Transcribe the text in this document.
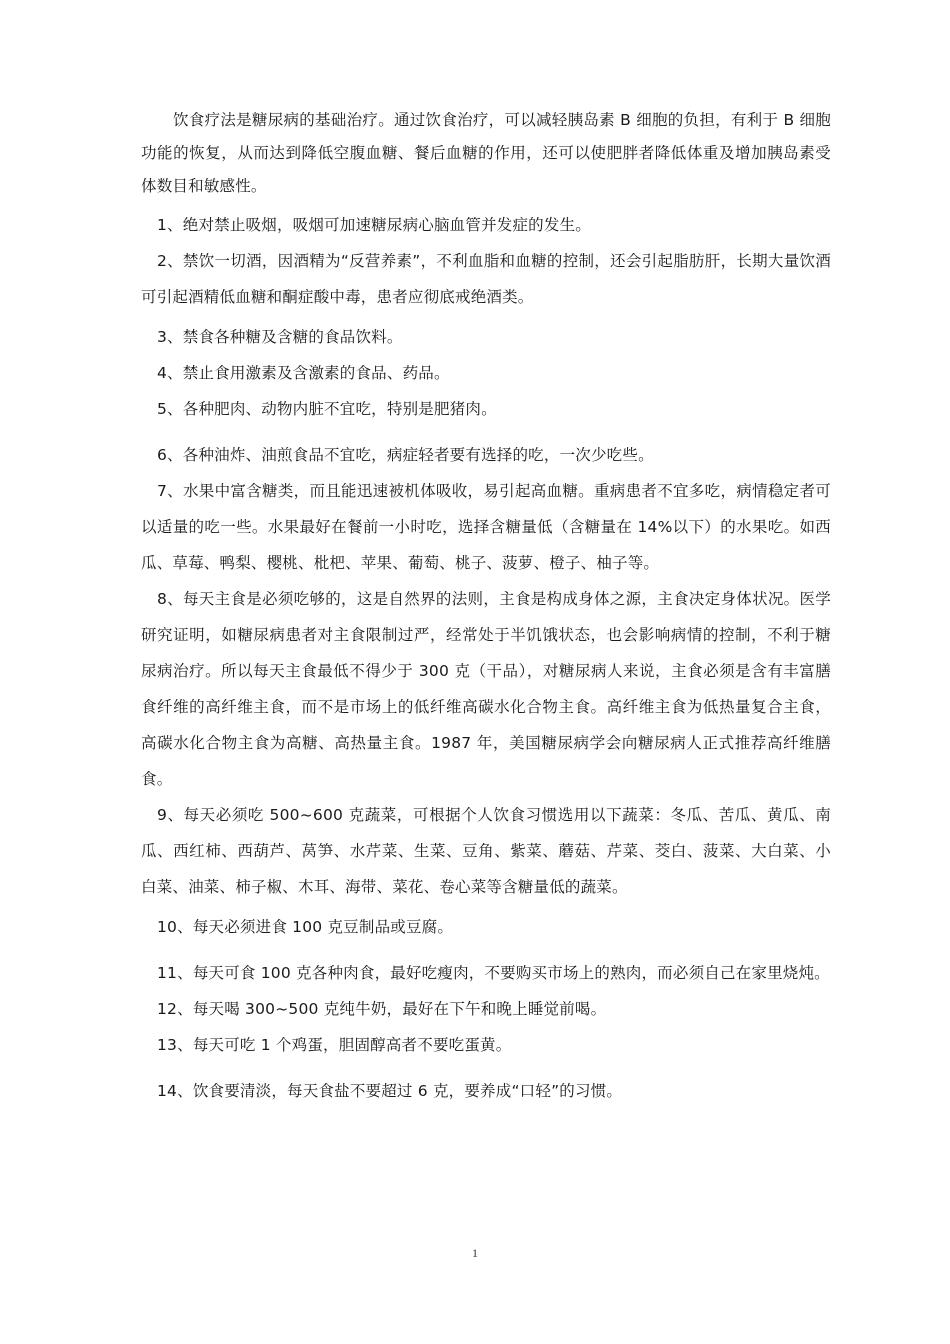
饮食疗法是糖尿病的基础治疗。通过饮食治疗，可以减轻胰岛素 B 细胞的负担，有利于 B 细胞功能的恢复，从而达到降低空腹血糖、餐后血糖的作用，还可以使肥胖者降低体重及增加胰岛素受体数目和敏感性。

1、绝对禁止吸烟，吸烟可加速糖尿病心脑血管并发症的发生。

2、禁饮一切酒，因酒精为“反营养素”，不利血脂和血糖的控制，还会引起脂肪肝，长期大量饮酒可引起酒精低血糖和酮症酸中毒，患者应彻底戒绝酒类。

3、禁食各种糖及含糖的食品饮料。

4、禁止食用激素及含激素的食品、药品。

5、各种肥肉、动物内脏不宜吃，特别是肥猪肉。

6、各种油炸、油煎食品不宜吃，病症轻者要有选择的吃，一次少吃些。

7、水果中富含糖类，而且能迅速被机体吸收，易引起高血糖。重病患者不宜多吃，病情稳定者可以适量的吃一些。水果最好在餐前一小时吃，选择含糖量低（含糖量在 14%以下）的水果吃。如西瓜、草莓、鸭梨、樱桃、枇杷、苹果、葡萄、桃子、菠萝、橙子、柚子等。

8、每天主食是必须吃够的，这是自然界的法则，主食是构成身体之源，主食决定身体状况。医学研究证明，如糖尿病患者对主食限制过严，经常处于半饥饿状态，也会影响病情的控制，不利于糖尿病治疗。所以每天主食最低不得少于 300 克（干品），对糖尿病人来说，主食必须是含有丰富膳食纤维的高纤维主食，而不是市场上的低纤维高碳水化合物主食。高纤维主食为低热量复合主食，高碳水化合物主食为高糖、高热量主食。1987 年，美国糖尿病学会向糖尿病人正式推荐高纤维膳食。

9、每天必须吃 500~600 克蔬菜，可根据个人饮食习惯选用以下蔬菜：冬瓜、苦瓜、黄瓜、南瓜、西红柿、西葫芦、莴笋、水芹菜、生菜、豆角、紫菜、蘑菇、芹菜、茭白、菠菜、大白菜、小白菜、油菜、柿子椒、木耳、海带、菜花、卷心菜等含糖量低的蔬菜。

10、每天必须进食 100 克豆制品或豆腐。

11、每天可食 100 克各种肉食，最好吃瘦肉，不要购买市场上的熟肉，而必须自己在家里烧炖。

12、每天喝 300~500 克纯牛奶，最好在下午和晚上睡觉前喝。

13、每天可吃 1 个鸡蛋，胆固醇高者不要吃蛋黄。

14、饮食要清淡，每天食盐不要超过 6 克，要养成“口轻”的习惯。

1
